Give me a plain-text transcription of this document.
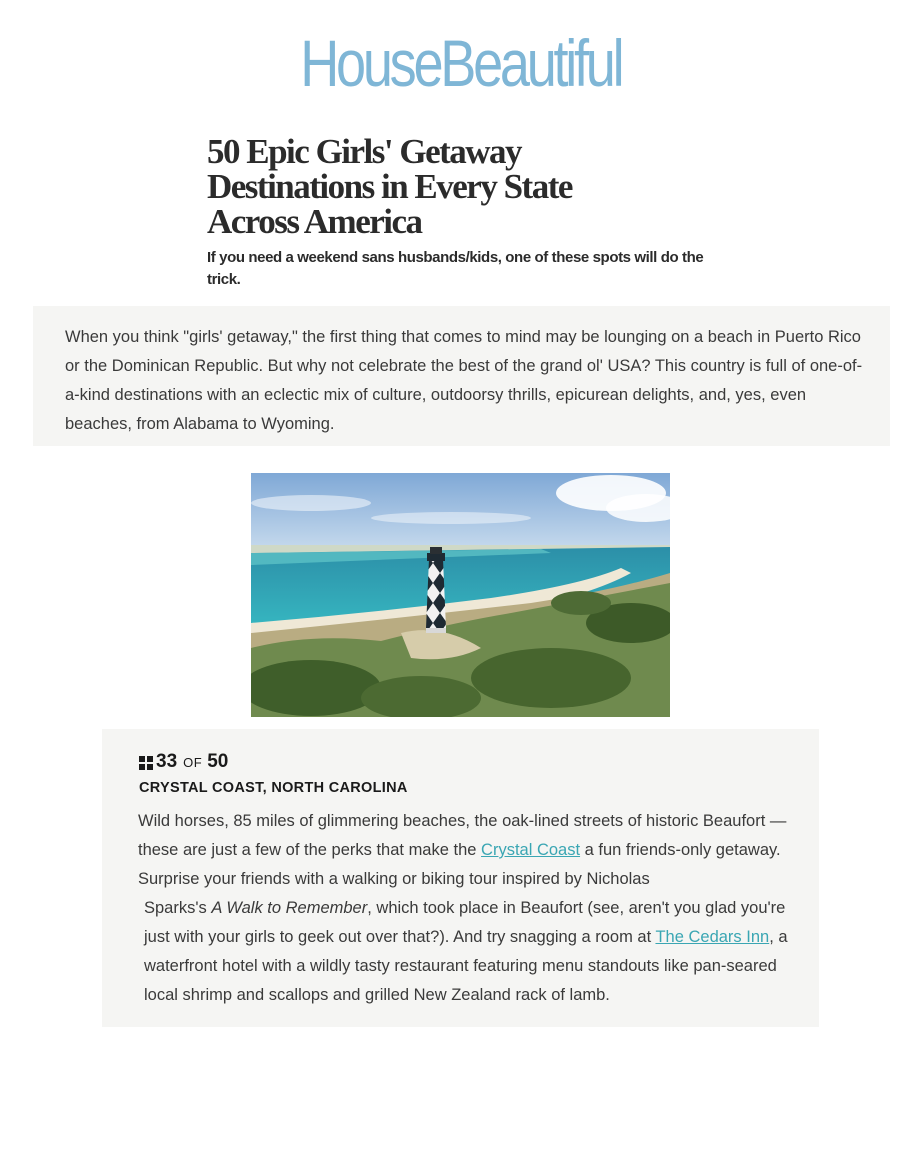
HouseBeautiful
50 Epic Girls' Getaway Destinations in Every State Across America
If you need a weekend sans husbands/kids, one of these spots will do the trick.
When you think "girls' getaway," the first thing that comes to mind may be lounging on a beach in Puerto Rico or the Dominican Republic. But why not celebrate the best of the grand ol' USA? This country is full of one-of-a-kind destinations with an eclectic mix of culture, outdoorsy thrills, epicurean delights, and, yes, even beaches, from Alabama to Wyoming.
33 OF 50
CRYSTAL COAST, NORTH CAROLINA
Wild horses, 85 miles of glimmering beaches, the oak-lined streets of historic Beaufort — these are just a few of the perks that make the Crystal Coast a fun friends-only getaway. Surprise your friends with a walking or biking tour inspired by Nicholas
Sparks's A Walk to Remember, which took place in Beaufort (see, aren't you glad you're just with your girls to geek out over that?). And try snagging a room at The Cedars Inn, a waterfront hotel with a wildly tasty restaurant featuring menu standouts like pan-seared local shrimp and scallops and grilled New Zealand rack of lamb.
